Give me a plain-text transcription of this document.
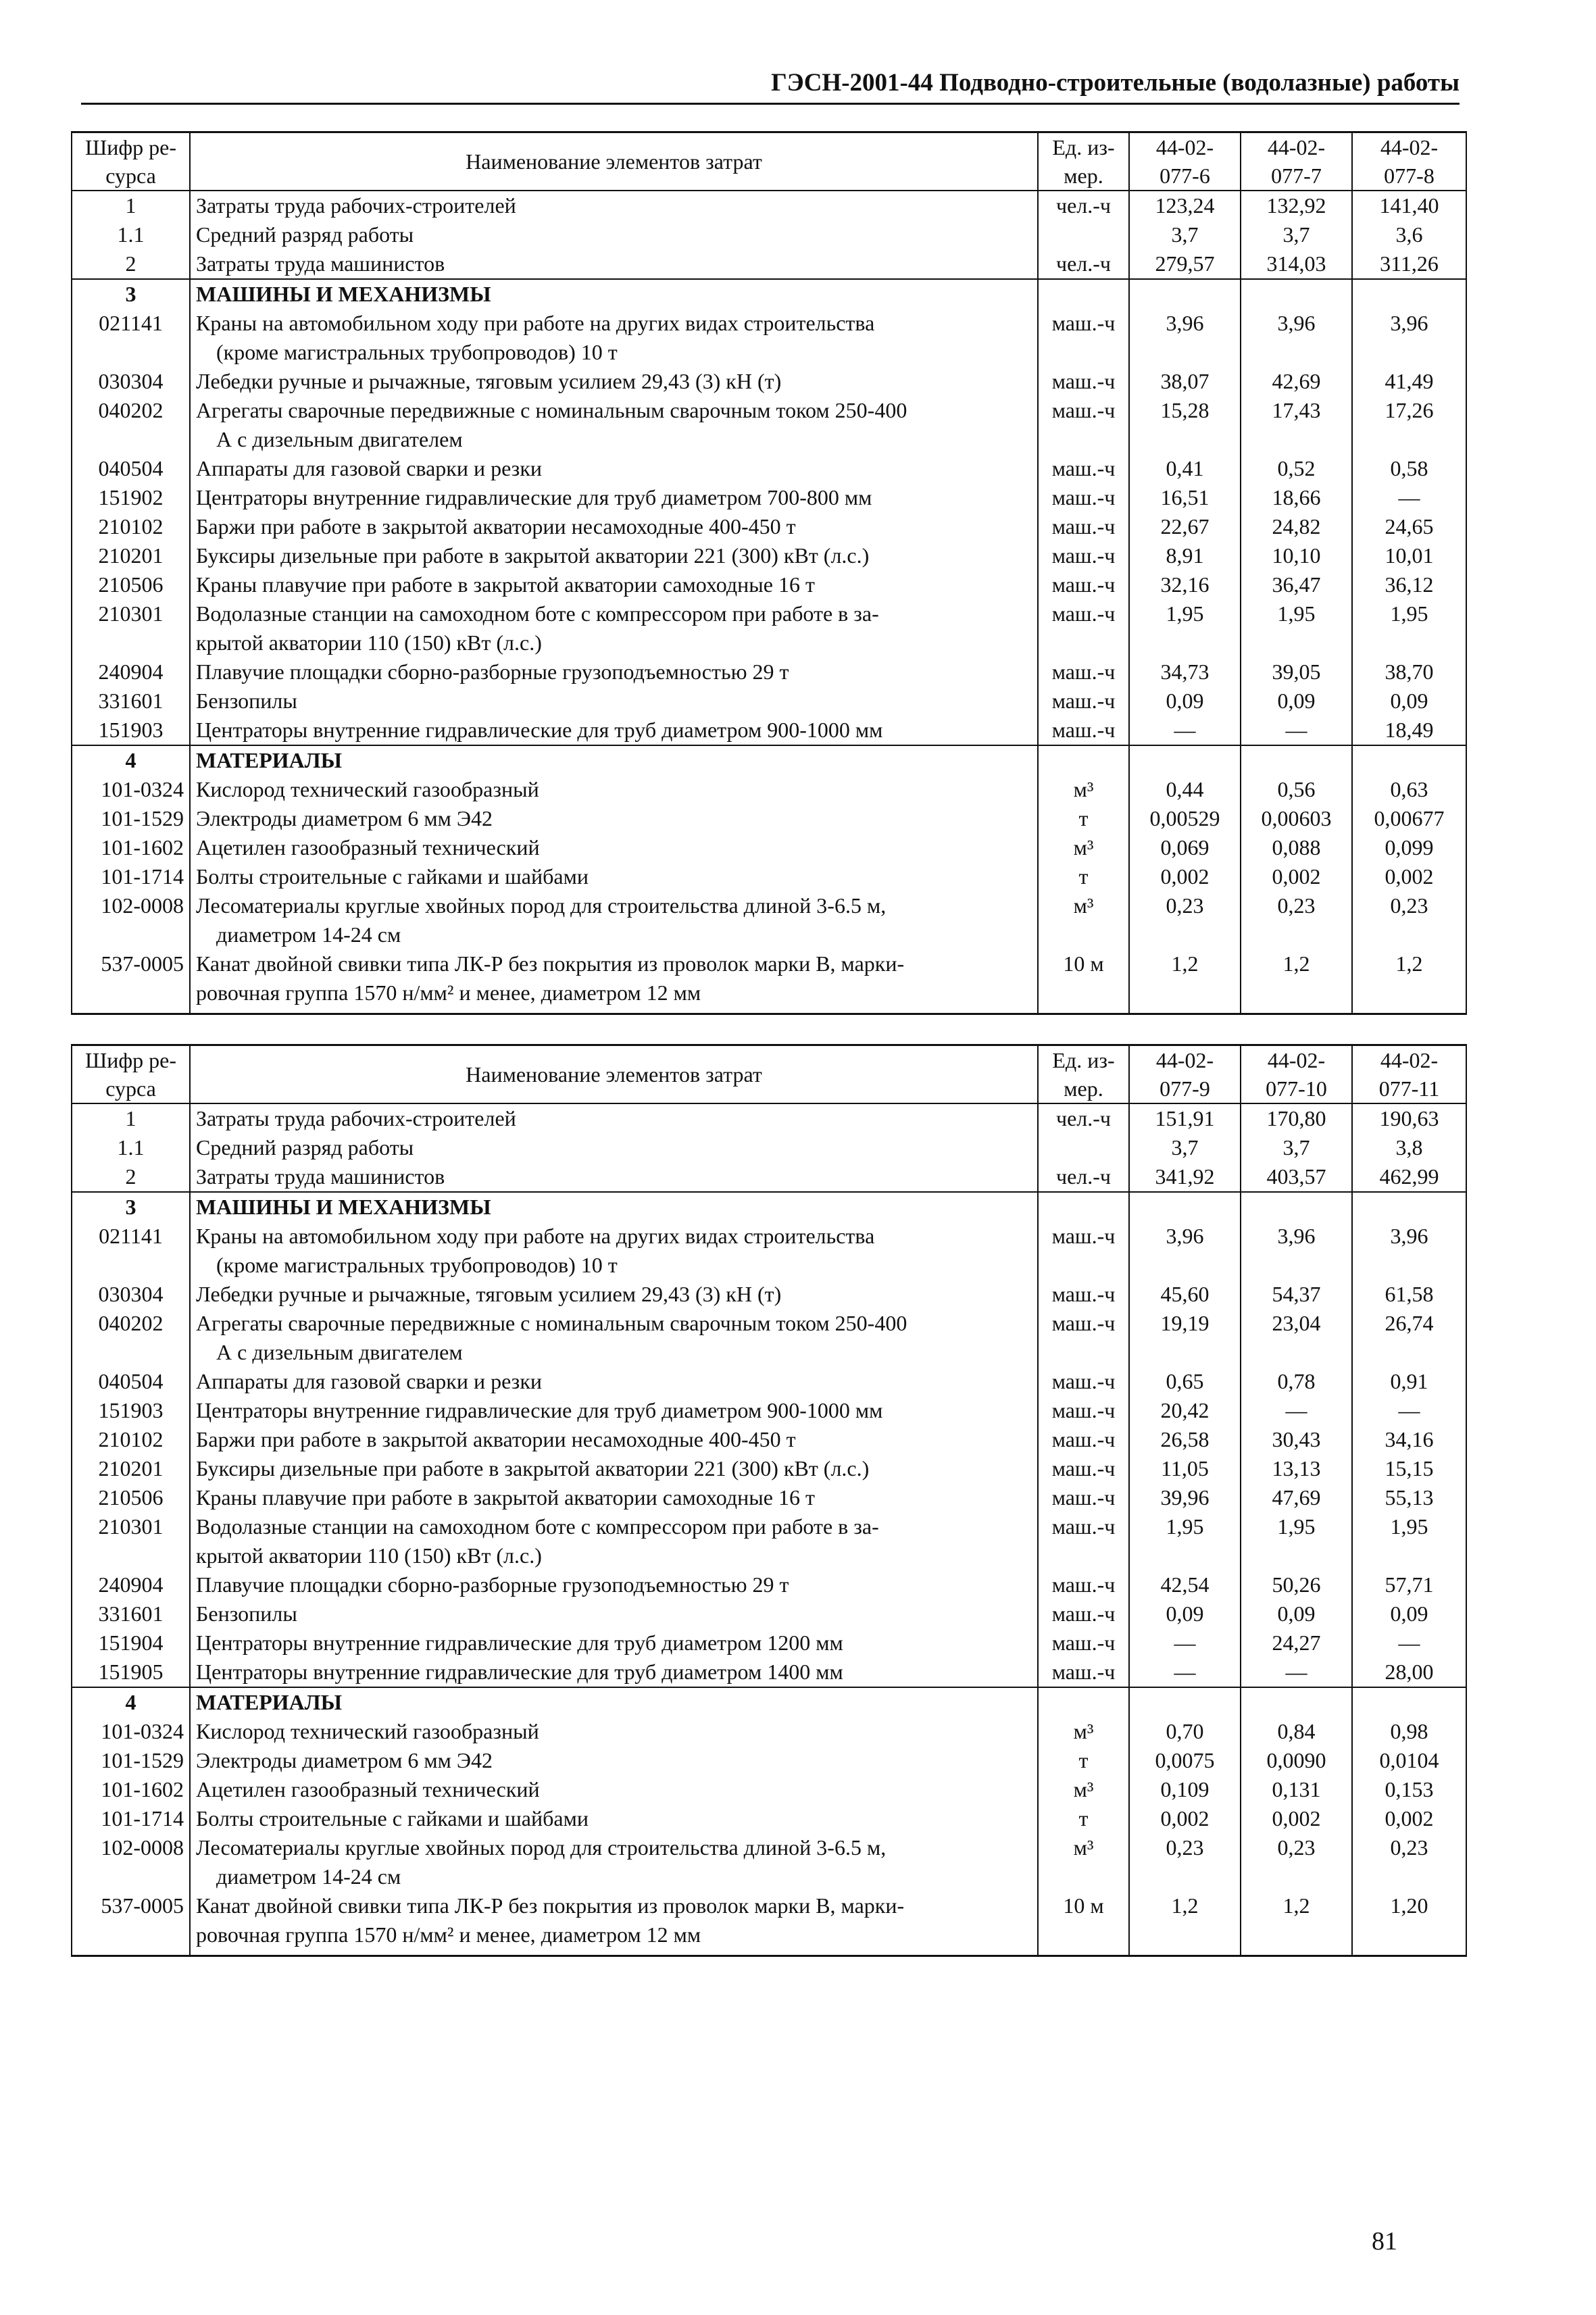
ГЭСН-2001-44 Подводно-строительные (водолазные) работы
Шифр ре-
сурса	Наименование элементов затрат	Ед. из-
мер.	44-02-
077-6	44-02-
077-7	44-02-
077-8

1	Затраты труда рабочих-строителей	чел.-ч	123,24	132,92	141,40
1.1	Средний разряд работы		3,7	3,7	3,6
2	Затраты труда машинистов	чел.-ч	279,57	314,03	311,26
3	МАШИНЫ И МЕХАНИЗМЫ				

021141	Краны на автомобильном ходу при работе на других видах строительства
(кроме магистральных трубопроводов) 10 т	маш.-ч	3,96	3,96	3,96
030304	Лебедки ручные и рычажные, тяговым усилием 29,43 (3) кН (т)	маш.-ч	38,07	42,69	41,49
040202	Агрегаты сварочные передвижные с номинальным сварочным током 250-400
А с дизельным двигателем	маш.-ч	15,28	17,43	17,26
040504	Аппараты для газовой сварки и резки	маш.-ч	0,41	0,52	0,58
151902	Центраторы внутренние гидравлические для труб диаметром 700-800 мм	маш.-ч	16,51	18,66	—
210102	Баржи при работе в закрытой акватории несамоходные 400-450 т	маш.-ч	22,67	24,82	24,65
210201	Буксиры дизельные при работе в закрытой акватории 221 (300) кВт (л.с.)	маш.-ч	8,91	10,10	10,01
210506	Краны плавучие при работе в закрытой акватории самоходные 16 т	маш.-ч	32,16	36,47	36,12
210301	Водолазные станции на самоходном боте с компрессором при работе в за-
крытой акватории 110 (150) кВт (л.с.)	маш.-ч	1,95	1,95	1,95
240904	Плавучие площадки сборно-разборные грузоподъемностью 29 т	маш.-ч	34,73	39,05	38,70
331601	Бензопилы	маш.-ч	0,09	0,09	0,09
151903	Центраторы внутренние гидравлические для труб диаметром 900-1000 мм	маш.-ч	—	—	18,49
4	МАТЕРИАЛЫ				

101-0324	Кислород технический газообразный	м³	0,44	0,56	0,63
101-1529	Электроды диаметром 6 мм Э42	т	0,00529	0,00603	0,00677
101-1602	Ацетилен газообразный технический	м³	0,069	0,088	0,099
101-1714	Болты строительные с гайками и шайбами	т	0,002	0,002	0,002
102-0008	Лесоматериалы круглые хвойных пород для строительства длиной 3-6.5 м,
диаметром 14-24 см	м³	0,23	0,23	0,23
537-0005	Канат двойной свивки типа ЛК-Р без покрытия из проволок марки В, марки-
ровочная группа 1570 н/мм² и менее, диаметром 12 мм	10 м	1,2	1,2	1,2
Шифр ре-
сурса	Наименование элементов затрат	Ед. из-
мер.	44-02-
077-9	44-02-
077-10	44-02-
077-11

1	Затраты труда рабочих-строителей	чел.-ч	151,91	170,80	190,63
1.1	Средний разряд работы		3,7	3,7	3,8
2	Затраты труда машинистов	чел.-ч	341,92	403,57	462,99
3	МАШИНЫ И МЕХАНИЗМЫ				

021141	Краны на автомобильном ходу при работе на других видах строительства
(кроме магистральных трубопроводов) 10 т	маш.-ч	3,96	3,96	3,96
030304	Лебедки ручные и рычажные, тяговым усилием 29,43 (3) кН (т)	маш.-ч	45,60	54,37	61,58
040202	Агрегаты сварочные передвижные с номинальным сварочным током 250-400
А с дизельным двигателем	маш.-ч	19,19	23,04	26,74
040504	Аппараты для газовой сварки и резки	маш.-ч	0,65	0,78	0,91
151903	Центраторы внутренние гидравлические для труб диаметром 900-1000 мм	маш.-ч	20,42	—	—
210102	Баржи при работе в закрытой акватории несамоходные 400-450 т	маш.-ч	26,58	30,43	34,16
210201	Буксиры дизельные при работе в закрытой акватории 221 (300) кВт (л.с.)	маш.-ч	11,05	13,13	15,15
210506	Краны плавучие при работе в закрытой акватории самоходные 16 т	маш.-ч	39,96	47,69	55,13
210301	Водолазные станции на самоходном боте с компрессором при работе в за-
крытой акватории 110 (150) кВт (л.с.)	маш.-ч	1,95	1,95	1,95
240904	Плавучие площадки сборно-разборные грузоподъемностью 29 т	маш.-ч	42,54	50,26	57,71
331601	Бензопилы	маш.-ч	0,09	0,09	0,09
151904	Центраторы внутренние гидравлические для труб диаметром 1200 мм	маш.-ч	—	24,27	—
151905	Центраторы внутренние гидравлические для труб диаметром 1400 мм	маш.-ч	—	—	28,00
4	МАТЕРИАЛЫ				

101-0324	Кислород технический газообразный	м³	0,70	0,84	0,98
101-1529	Электроды диаметром 6 мм Э42	т	0,0075	0,0090	0,0104
101-1602	Ацетилен газообразный технический	м³	0,109	0,131	0,153
101-1714	Болты строительные с гайками и шайбами	т	0,002	0,002	0,002
102-0008	Лесоматериалы круглые хвойных пород для строительства длиной 3-6.5 м,
диаметром 14-24 см	м³	0,23	0,23	0,23
537-0005	Канат двойной свивки типа ЛК-Р без покрытия из проволок марки В, марки-
ровочная группа 1570 н/мм² и менее, диаметром 12 мм	10 м	1,2	1,2	1,20
81
